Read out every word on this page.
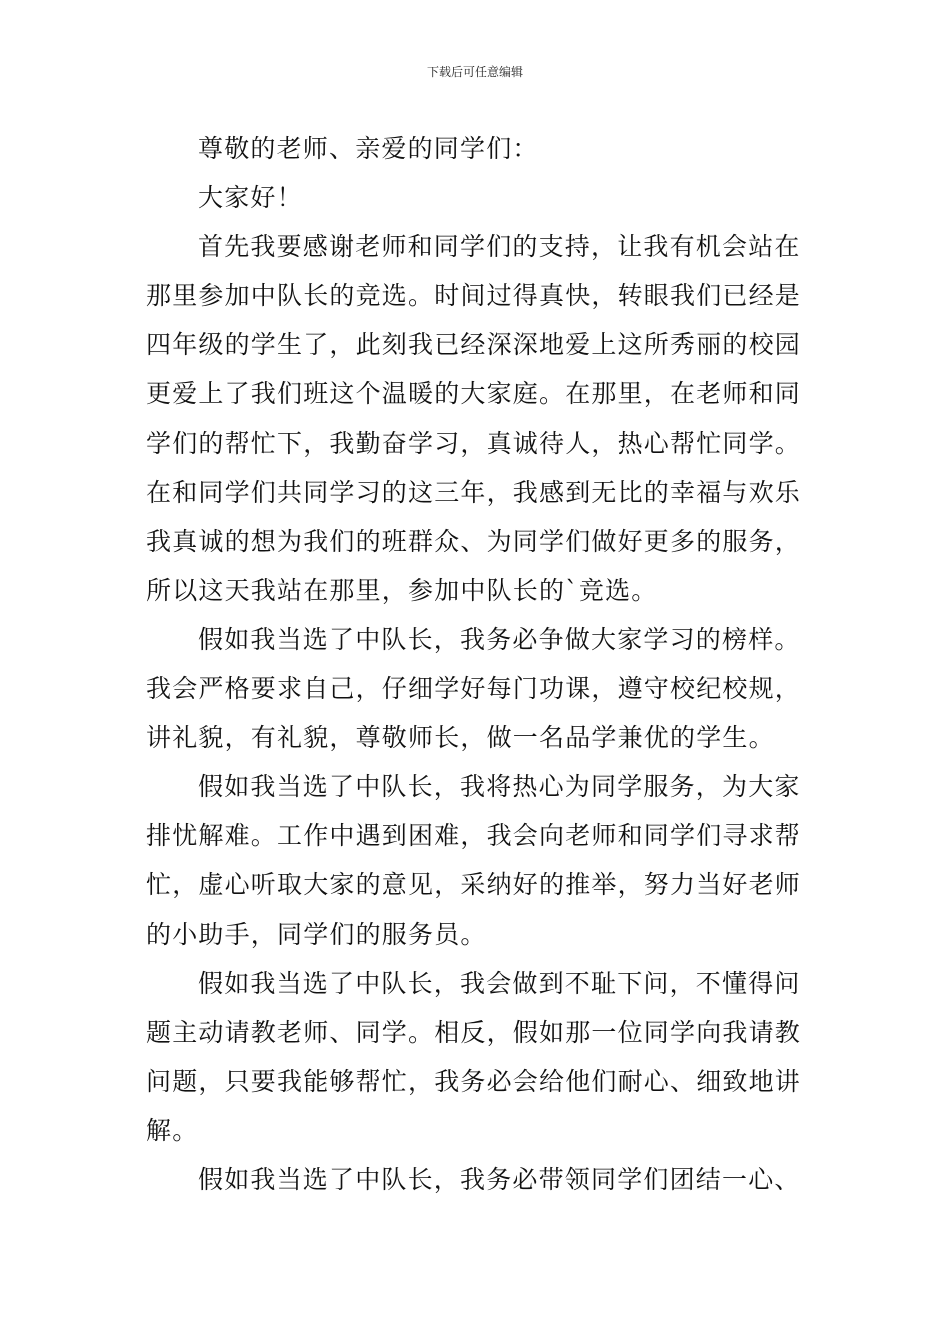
下载后可任意编辑
尊敬的老师、亲爱的同学们：
大家好！
首先我要感谢老师和同学们的支持，让我有机会站在
那里参加中队长的竞选。时间过得真快，转眼我们已经是
四年级的学生了，此刻我已经深深地爱上这所秀丽的校园
更爱上了我们班这个温暖的大家庭。在那里，在老师和同
学们的帮忙下，我勤奋学习，真诚待人，热心帮忙同学。
在和同学们共同学习的这三年，我感到无比的幸福与欢乐
我真诚的想为我们的班群众、为同学们做好更多的服务，
所以这天我站在那里，参加中队长的`竞选。
假如我当选了中队长，我务必争做大家学习的榜样。
我会严格要求自己，仔细学好每门功课，遵守校纪校规，
讲礼貌，有礼貌，尊敬师长，做一名品学兼优的学生。
假如我当选了中队长，我将热心为同学服务，为大家
排忧解难。工作中遇到困难，我会向老师和同学们寻求帮
忙，虚心听取大家的意见，采纳好的推举，努力当好老师
的小助手，同学们的服务员。
假如我当选了中队长，我会做到不耻下问，不懂得问
题主动请教老师、同学。相反，假如那一位同学向我请教
问题，只要我能够帮忙，我务必会给他们耐心、细致地讲
解。
假如我当选了中队长，我务必带领同学们团结一心、
